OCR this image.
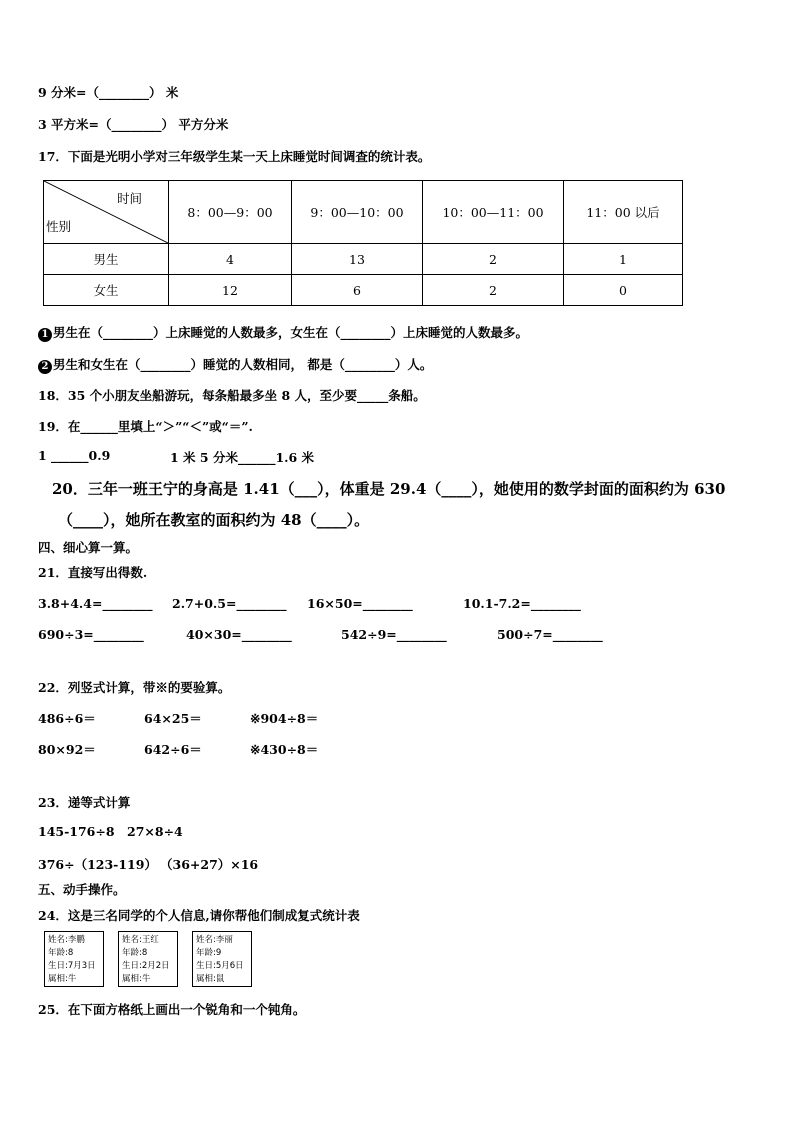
9 分米=（________） 米
3 平方米=（________） 平方分米
17．下面是光明小学对三年级学生某一天上床睡觉时间调查的统计表。
时间
性别	8：00—9：00	9：00—10：00	10：00—11：00	11：00 以后
男生	4	13	2	1
女生	12	6	2	0
1 男生在（________）上床睡觉的人数最多，女生在（________）上床睡觉的人数最多。
2 男生和女生在（________）睡觉的人数相同， 都是（________）人。
18．35 个小朋友坐船游玩，每条船最多坐 8 人，至少要_____条船。
19．在______里填上“＞”“＜”或“＝”.
1 ______0.9	1 米 5 分米______1.6 米
20．三年一班王宁的身高是 1.41（___），体重是 29.4（____），她使用的数学封面的面积约为 630
（____），她所在教室的面积约为 48（____）。
四、细心算一算。
21．直接写出得数.
3.8+4.4=________ 2.7+0.5=________ 16×50=________	10.1-7.2=________
690÷3=________	40×30=________	542÷9=________	500÷7=________
22．列竖式计算，带※的要验算。
486÷6＝	64×25＝	※904÷8＝
80×92＝	642÷6＝	※430÷8＝
23．递等式计算
145-176÷8 27×8÷4
376÷（123-119） （36+27）×16
五、动手操作。
24．这是三名同学的个人信息,请你帮他们制成复式统计表
姓名:李鹏
年龄:8
生日:7月3日
属相:牛
姓名:王红
年龄:8
生日:2月2日
属相:牛
姓名:李丽
年龄:9
生日:5月6日
属相:鼠
25．在下面方格纸上画出一个锐角和一个钝角。
